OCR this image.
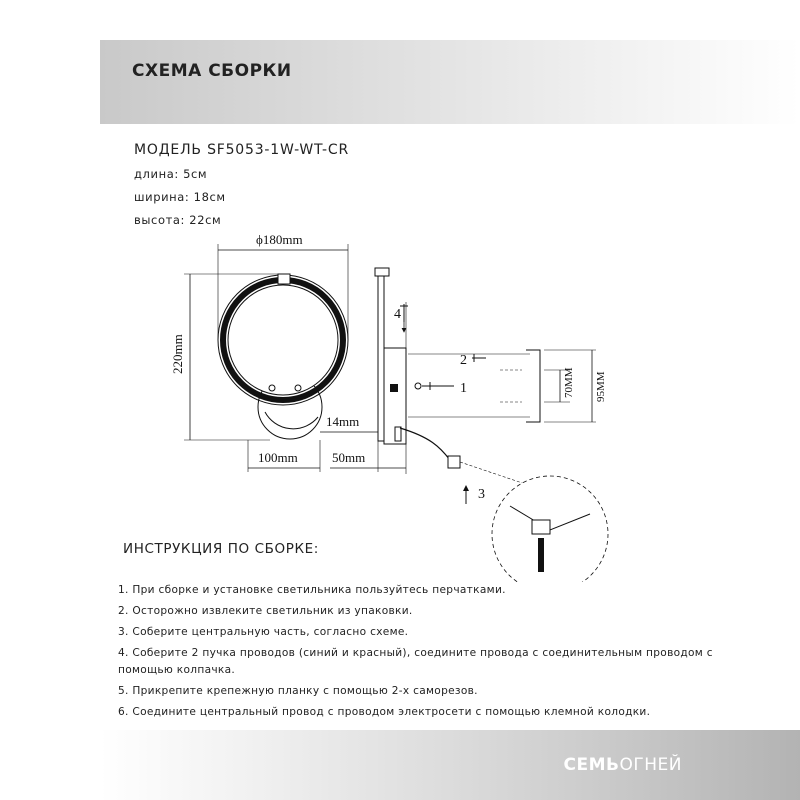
СХЕМА СБОРКИ
МОДЕЛЬ SF5053-1W-WT-CR
длина: 5см
ширина: 18см
высота: 22см
ϕ180mm
220mm
100mm
14mm
50mm
4
70MM 95MM
2
1
3
ИНСТРУКЦИЯ ПО СБОРКЕ:
1. При сборке и установке светильника пользуйтесь перчатками.
2. Осторожно извлеките светильник из упаковки.
3. Соберите центральную часть, согласно схеме.
4. Соберите 2 пучка проводов (синий и красный), соедините провода с соединительным проводом с помощью колпачка.
5. Прикрепите крепежную планку с помощью 2-х саморезов.
6. Соедините центральный провод с проводом электросети с помощью клемной колодки.
СЕМЬОГНЕЙ
